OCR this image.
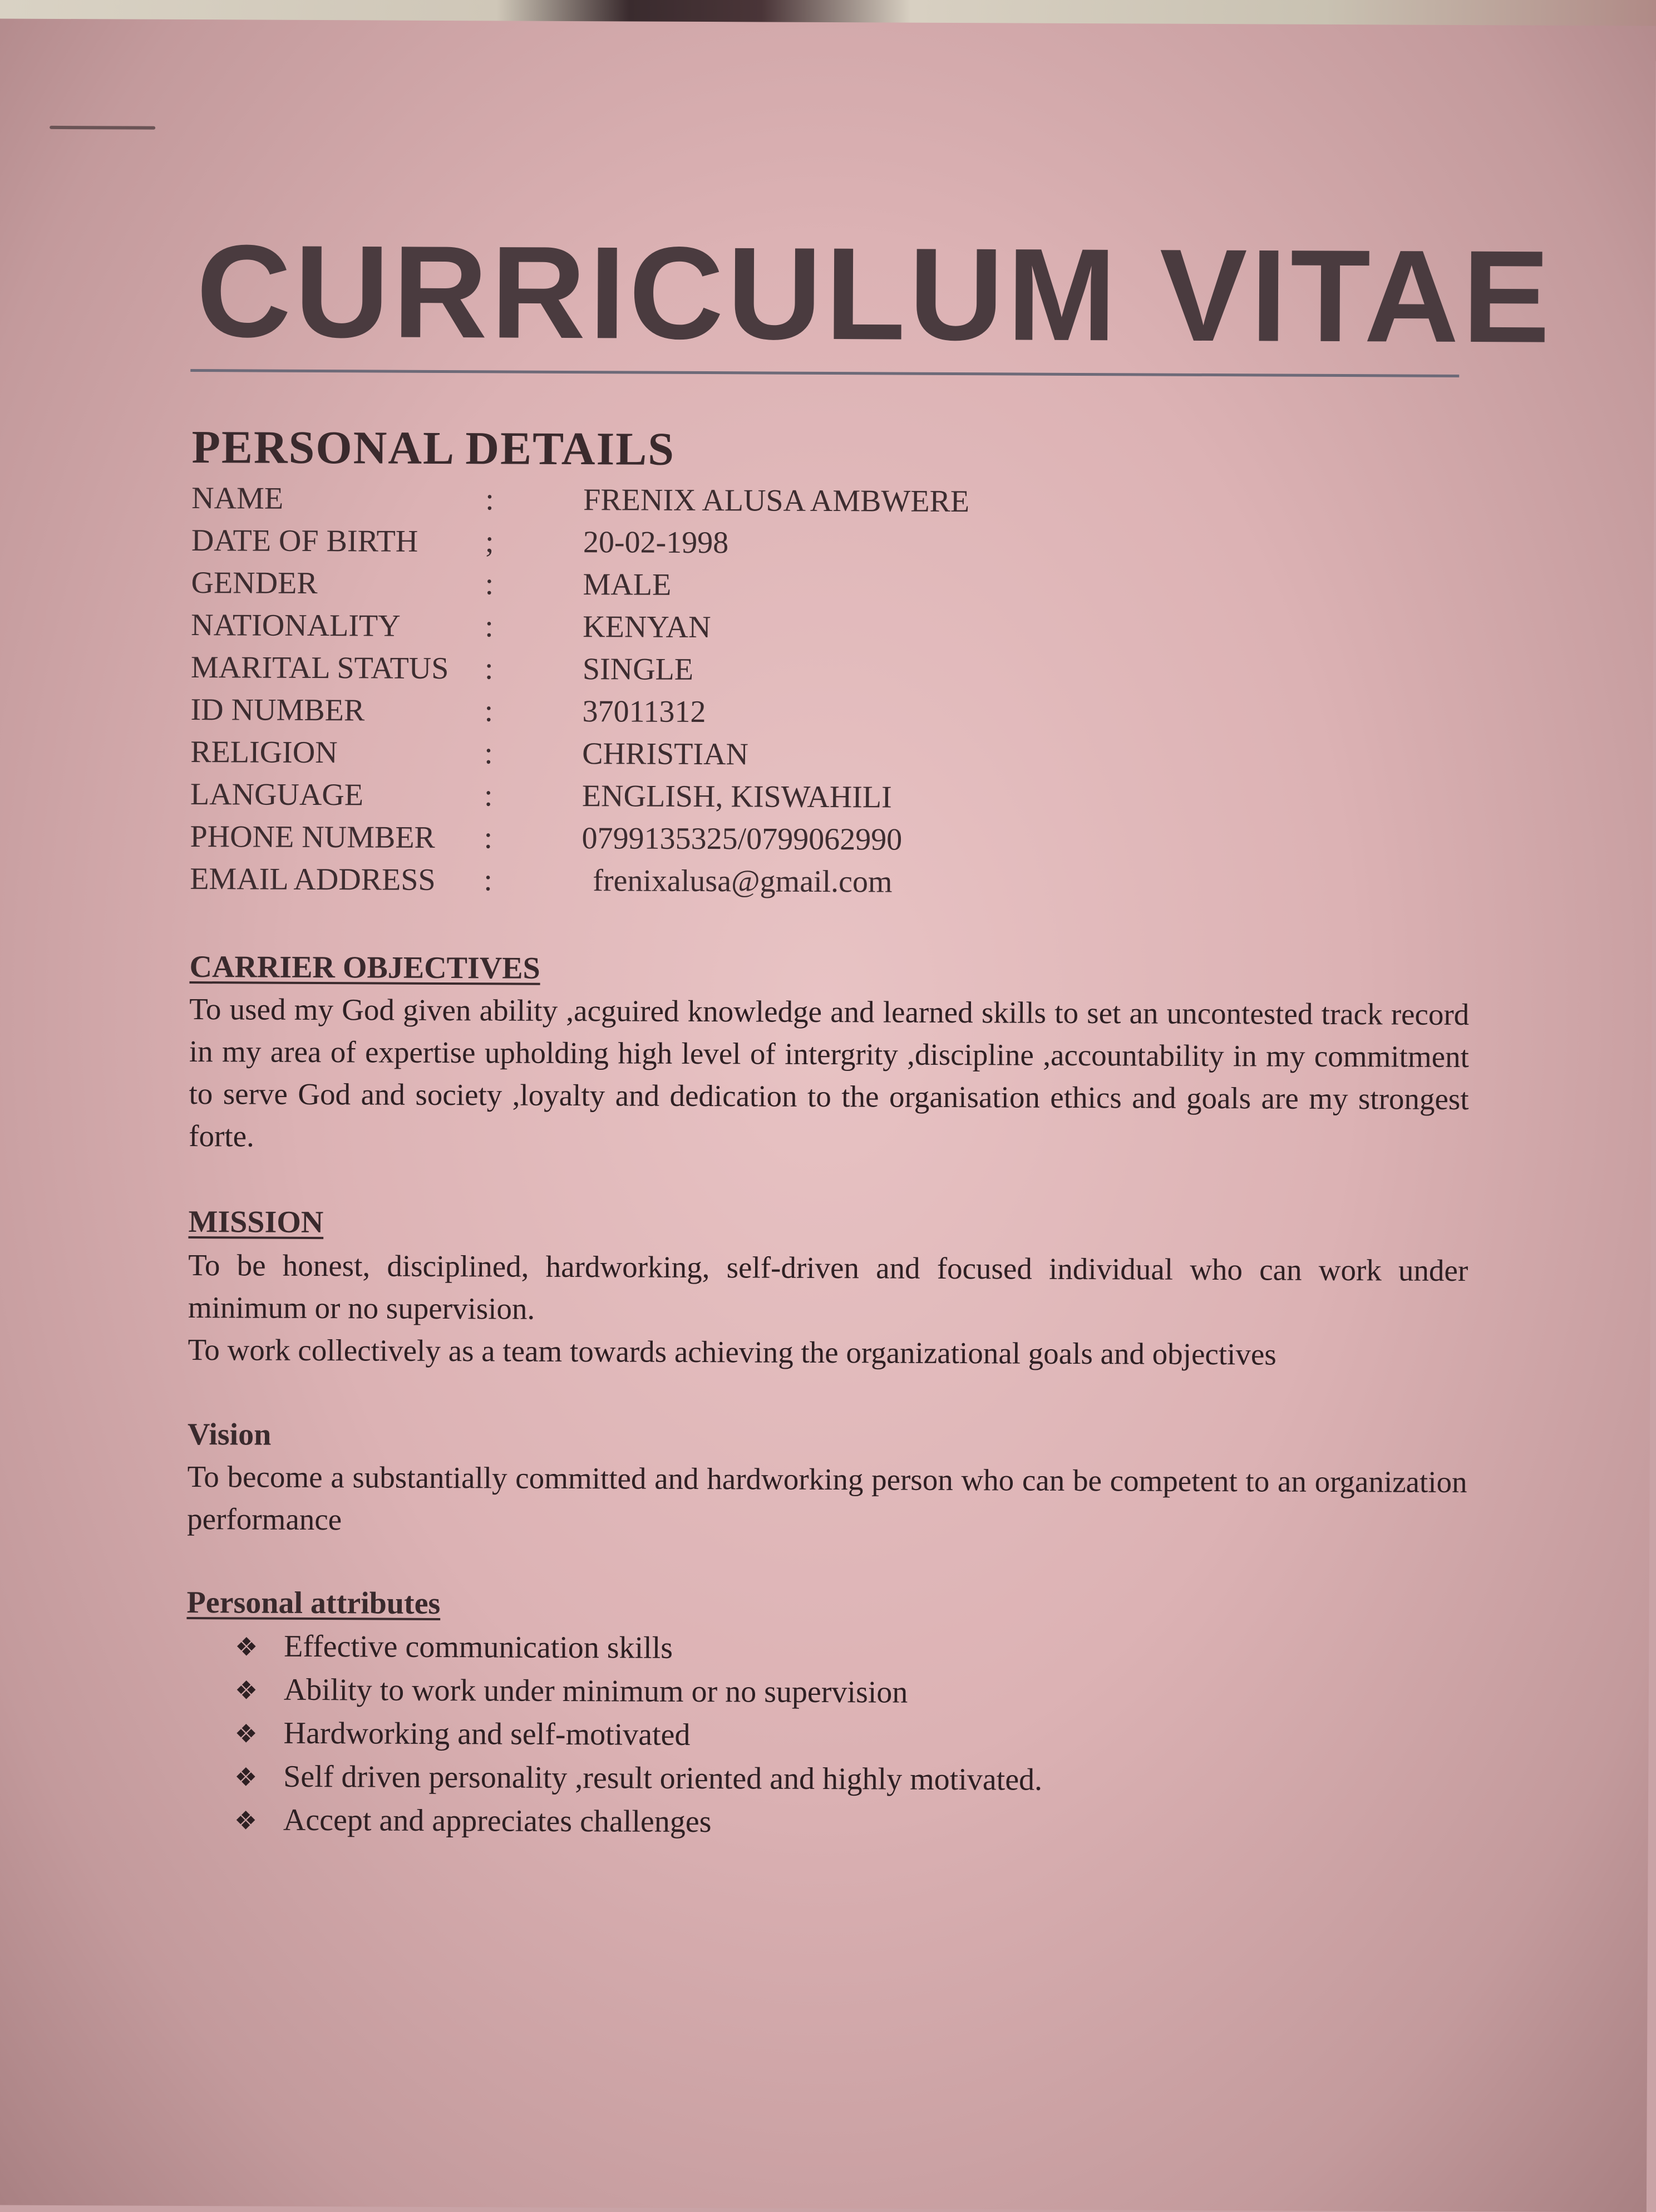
CURRICULUM VITAE
PERSONAL DETAILS
NAME	:	FRENIX ALUSA AMBWERE
DATE OF BIRTH ;	20-02-1998
GENDER	:	MALE
NATIONALITY	:	KENYAN
MARITAL STATUS :	SINGLE
ID NUMBER	:	37011312
RELIGION	:	CHRISTIAN
LANGUAGE	:	ENGLISH, KISWAHILI
PHONE NUMBER :	0799135325/0799062990
EMAIL ADDRESS :	frenixalusa@gmail.com
CARRIER OBJECTIVES

To used my God given ability ,acguired knowledge and learned skills to set an uncontested track record in my area of expertise upholding high level of intergrity ,discipline ,accountability in my commitment to serve God and society ,loyalty and dedication to the organisation ethics and goals are my strongest forte.

MISSION

To be honest, disciplined, hardworking, self-driven and focused individual who can work under minimum or no supervision.

To work collectively as a team towards achieving the organizational goals and objectives

Vision

To become a substantially committed and hardworking person who can be competent to an organization performance

Personal attributes
❖ Effective communication skills
❖ Ability to work under minimum or no supervision
❖ Hardworking and self-motivated
❖ Self driven personality ,result oriented and highly motivated.
❖ Accept and appreciates challenges
